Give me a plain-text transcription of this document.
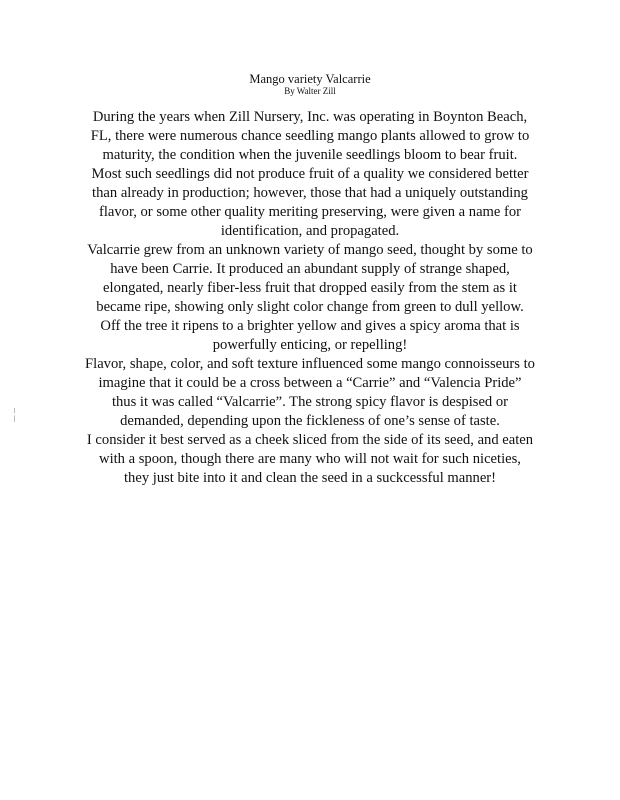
Mango variety Valcarrie
By Walter Zill
During the years when Zill Nursery, Inc. was operating in Boynton Beach,
FL, there were numerous chance seedling mango plants allowed to grow to
maturity, the condition when the juvenile seedlings bloom to bear fruit.
Most such seedlings did not produce fruit of a quality we considered better
than already in production; however, those that had a uniquely outstanding
flavor, or some other quality meriting preserving, were given a name for
identification, and propagated.
Valcarrie grew from an unknown variety of mango seed, thought by some to
have been Carrie. It produced an abundant supply of strange shaped,
elongated, nearly fiber-less fruit that dropped easily from the stem as it
became ripe, showing only slight color change from green to dull yellow.
Off the tree it ripens to a brighter yellow and gives a spicy aroma that is
powerfully enticing, or repelling!
Flavor, shape, color, and soft texture influenced some mango connoisseurs to
imagine that it could be a cross between a “Carrie” and “Valencia Pride”
thus it was called “Valcarrie”. The strong spicy flavor is despised or
demanded, depending upon the fickleness of one’s sense of taste.
I consider it best served as a cheek sliced from the side of its seed, and eaten
with a spoon, though there are many who will not wait for such niceties,
they just bite into it and clean the seed in a suckcessful manner!
